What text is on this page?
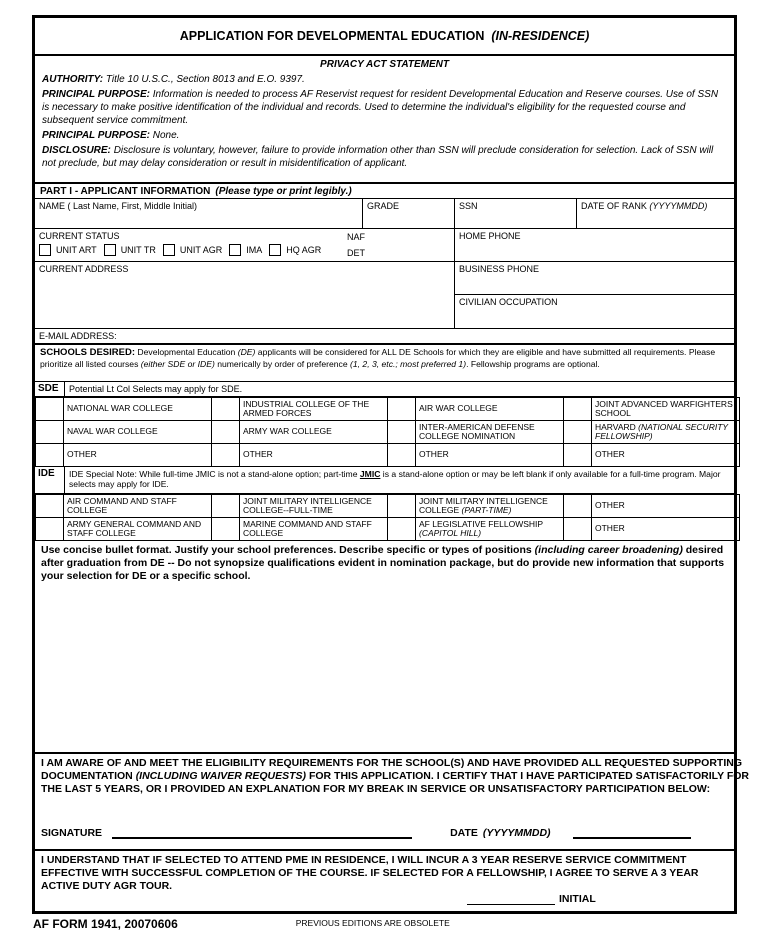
APPLICATION FOR DEVELOPMENTAL EDUCATION (IN-RESIDENCE)
PRIVACY ACT STATEMENT
AUTHORITY: Title 10 U.S.C., Section 8013 and E.O. 9397.
PRINCIPAL PURPOSE: Information is needed to process AF Reservist request for resident Developmental Education and Reserve courses. Use of SSN is necessary to make positive identification of the individual and records. Used to determine the individual's eligibility for the requested course and subsequent service commitment.
PRINCIPAL PURPOSE: None.
DISCLOSURE: Disclosure is voluntary, however, failure to provide information other than SSN will preclude consideration for selection. Lack of SSN will not preclude, but may delay consideration or result in misidentification of applicant.
PART I - APPLICANT INFORMATION (Please type or print legibly.)
NAME ( Last Name, First, Middle Initial)	GRADE	SSN	DATE OF RANK (YYYYMMDD)
CURRENT STATUS	NAF
DET
UNIT ART	UNIT TR	UNIT AGR	IMA	HQ AGR
HOME PHONE
CURRENT ADDRESS	BUSINESS PHONE
CIVILIAN OCCUPATION
E-MAIL ADDRESS:
SCHOOLS DESIRED: Developmental Education (DE) applicants will be considered for ALL DE Schools for which they are eligible and have submitted all requirements. Please prioritize all listed courses (either SDE or IDE) numerically by order of preference (1, 2, 3, etc.; most preferred 1). Fellowship programs are optional.
SDE	Potential Lt Col Selects may apply for SDE.
	NATIONAL WAR COLLEGE		INDUSTRIAL COLLEGE OF THE ARMED FORCES		AIR WAR COLLEGE		JOINT ADVANCED WARFIGHTERS SCHOOL
	NAVAL WAR COLLEGE		ARMY WAR COLLEGE		INTER-AMERICAN DEFENSE COLLEGE NOMINATION		HARVARD (NATIONAL SECURITY FELLOWSHIP)
	OTHER		OTHER		OTHER		OTHER
IDE	IDE Special Note: While full-time JMIC is not a stand-alone option; part-time JMIC is a stand-alone option or may be left blank if only available for a full-time program. Major selects may apply for IDE.
	AIR COMMAND AND STAFF COLLEGE		JOINT MILITARY INTELLIGENCE COLLEGE--FULL-TIME		JOINT MILITARY INTELLIGENCE COLLEGE (PART-TIME)		OTHER
	ARMY GENERAL COMMAND AND STAFF COLLEGE		MARINE COMMAND AND STAFF COLLEGE		AF LEGISLATIVE FELLOWSHIP (CAPITOL HILL)		OTHER
Use concise bullet format. Justify your school preferences. Describe specific or types of positions (including career broadening) desired after graduation from DE -- Do not synopsize qualifications evident in nomination package, but do provide new information that supports your selection for DE or a specific school.
I AM AWARE OF AND MEET THE ELIGIBILITY REQUIREMENTS FOR THE SCHOOL(S) AND HAVE PROVIDED ALL REQUESTED SUPPORTING DOCUMENTATION (INCLUDING WAIVER REQUESTS) FOR THIS APPLICATION. I CERTIFY THAT I HAVE PARTICIPATED SATISFACTORILY FOR THE LAST 5 YEARS, OR I PROVIDED AN EXPLANATION FOR MY BREAK IN SERVICE OR UNSATISFACTORY PARTICIPATION BELOW:
SIGNATURE	DATE (YYYYMMDD)
I UNDERSTAND THAT IF SELECTED TO ATTEND PME IN RESIDENCE, I WILL INCUR A 3 YEAR RESERVE SERVICE COMMITMENT EFFECTIVE WITH SUCCESSFUL COMPLETION OF THE COURSE. IF SELECTED FOR A FELLOWSHIP, I AGREE TO SERVE A 3 YEAR ACTIVE DUTY AGR TOUR.
INITIAL
AF FORM 1941, 20070606	PREVIOUS EDITIONS ARE OBSOLETE
